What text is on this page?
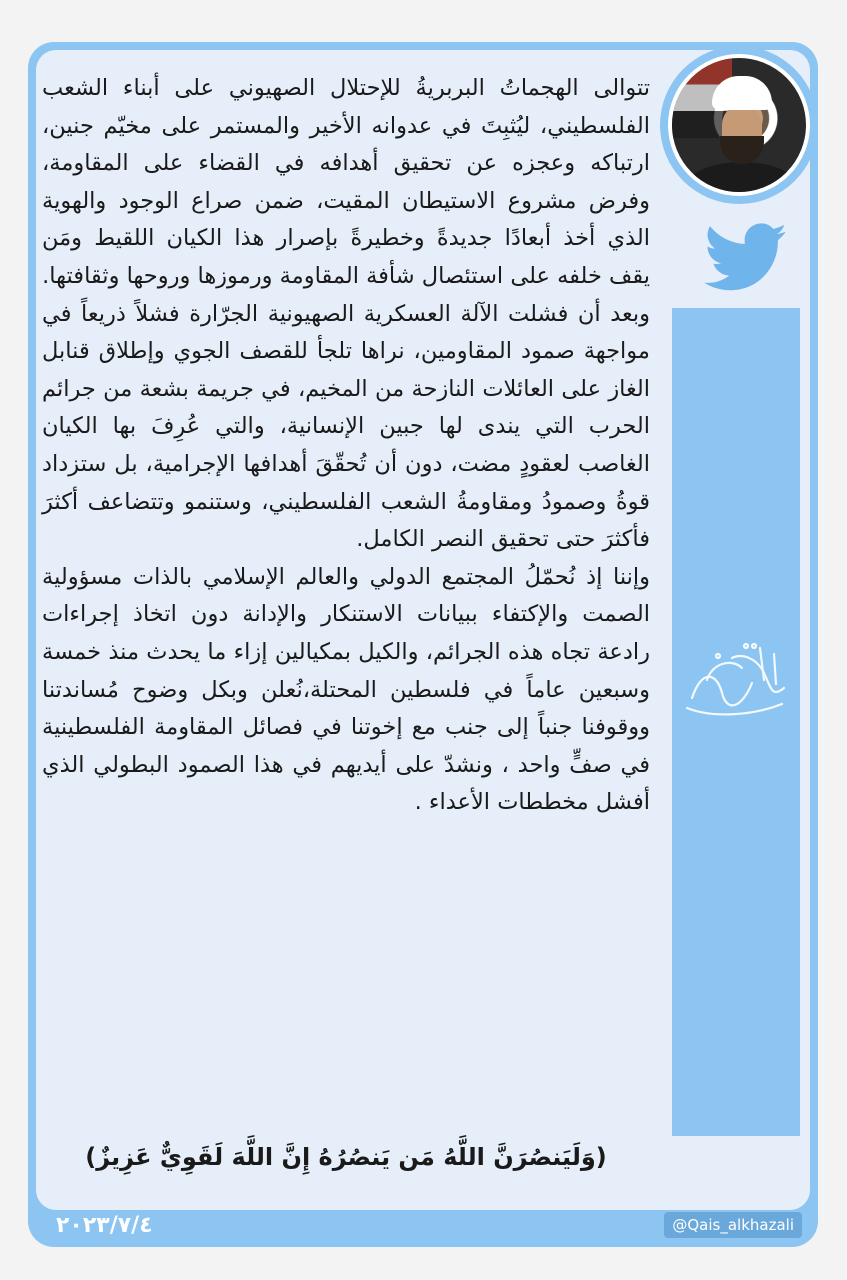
تتوالى الهجماتُ البربريةُ للإحتلال الصهيوني على أبناء الشعب الفلسطيني، ليُثبِتَ في عدوانه الأخير والمستمر على مخيّم جنين، ارتباكه وعجزه عن تحقيق أهدافه في القضاء على المقاومة، وفرض مشروع الاستيطان المقيت، ضمن صراع الوجود والهوية الذي أخذ أبعادًا جديدةً وخطيرةً بإصرار هذا الكيان اللقيط ومَن يقف خلفه على استئصال شأفة المقاومة ورموزها وروحها وثقافتها.

وبعد أن فشلت الآلة العسكرية الصهيونية الجرّارة فشلاً ذريعاً في مواجهة صمود المقاومين، نراها تلجأ للقصف الجوي وإطلاق قنابل الغاز على العائلات النازحة من المخيم، في جريمة بشعة من جرائم الحرب التي يندى لها جبين الإنسانية، والتي عُرِفَ بها الكيان الغاصب لعقودٍ مضت، دون أن تُحقّقَ أهدافها الإجرامية، بل ستزداد قوةُ وصمودُ ومقاومةُ الشعب الفلسطيني، وستنمو وتتضاعف أكثرَ فأكثرَ حتى تحقيق النصر الكامل.

وإننا إذ نُحمّلُ المجتمع الدولي والعالم الإسلامي بالذات مسؤولية الصمت والإكتفاء ببيانات الاستنكار والإدانة دون اتخاذ إجراءات رادعة تجاه هذه الجرائم، والكيل بمكيالين إزاء ما يحدث منذ خمسة وسبعين عاماً في فلسطين المحتلة،نُعلن وبكل وضوح مُساندتنا ووقوفنا جنباً إلى جنب مع إخوتنا في فصائل المقاومة الفلسطينية في صفٍّ واحد ، ونشدّ على أيديهم في هذا الصمود البطولي الذي أفشل مخططات الأعداء .

(وَلَيَنصُرَنَّ اللَّهُ مَن يَنصُرُهُ إِنَّ اللَّهَ لَقَوِيٌّ عَزِيزٌ)
٢٠٢٣/٧/٤	@Qais_alkhazali
